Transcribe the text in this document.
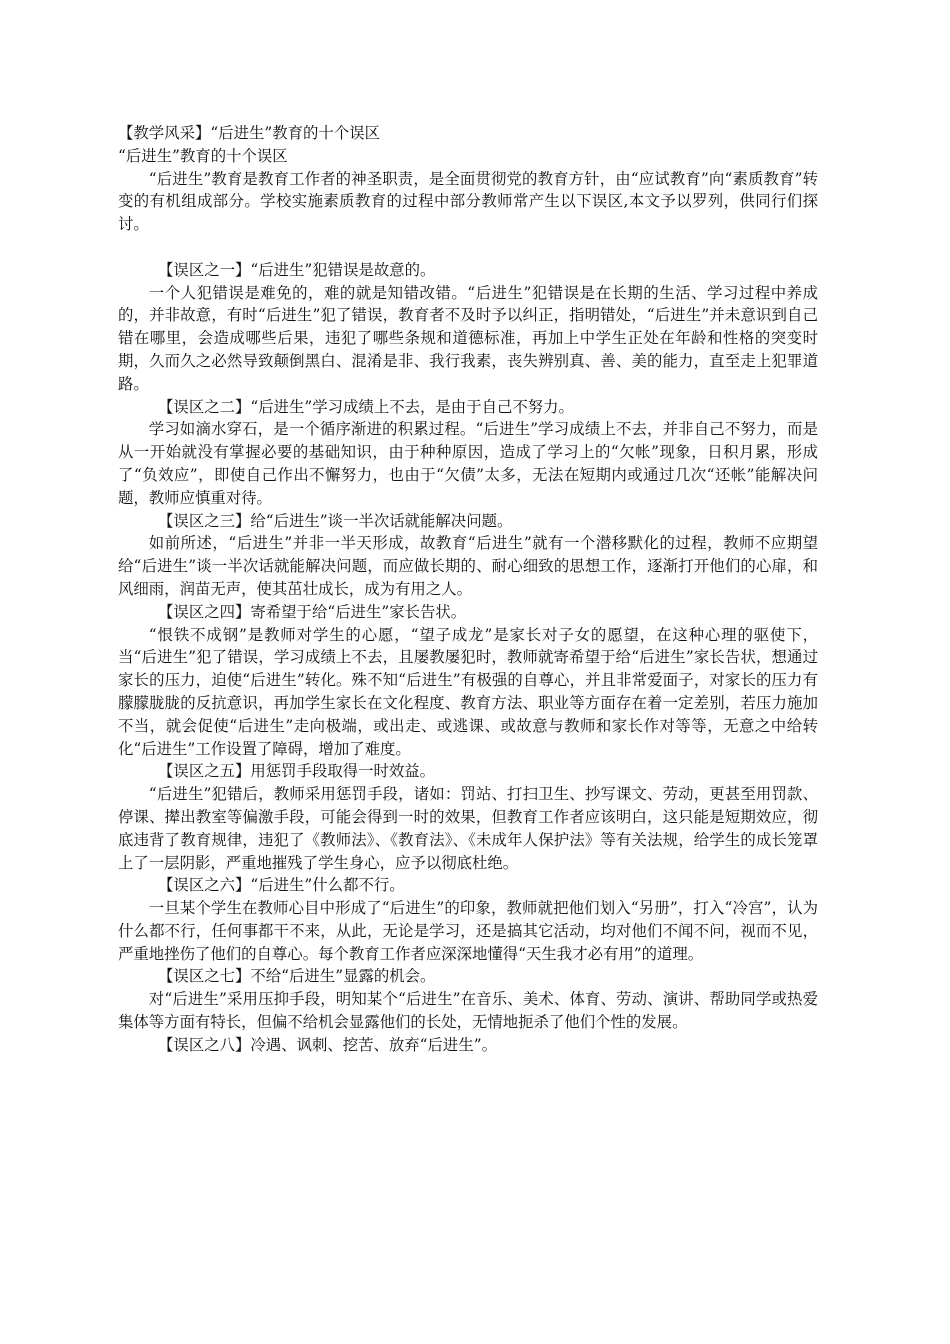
【教学风采】“后进生”教育的十个误区
“后进生”教育的十个误区

“后进生”教育是教育工作者的神圣职责，是全面贯彻党的教育方针，由“应试教育”向“素质教育”转变的有机组成部分。学校实施素质教育的过程中部分教师常产生以下误区,本文予以罗列，供同行们探讨。

【误区之一】“后进生”犯错误是故意的。

一个人犯错误是难免的，难的就是知错改错。“后进生”犯错误是在长期的生活、学习过程中养成的，并非故意，有时“后进生”犯了错误，教育者不及时予以纠正，指明错处，“后进生”并未意识到自己错在哪里，会造成哪些后果，违犯了哪些条规和道德标准，再加上中学生正处在年龄和性格的突变时期，久而久之必然导致颠倒黑白、混淆是非、我行我素，丧失辨别真、善、美的能力，直至走上犯罪道路。

【误区之二】“后进生”学习成绩上不去，是由于自己不努力。

学习如滴水穿石，是一个循序渐进的积累过程。“后进生”学习成绩上不去，并非自己不努力，而是从一开始就没有掌握必要的基础知识，由于种种原因，造成了学习上的“欠帐”现象，日积月累，形成了“负效应”，即使自己作出不懈努力，也由于“欠债”太多，无法在短期内或通过几次“还帐”能解决问题，教师应慎重对待。

【误区之三】给“后进生”谈一半次话就能解决问题。

如前所述，“后进生”并非一半天形成，故教育“后进生”就有一个潜移默化的过程，教师不应期望给“后进生”谈一半次话就能解决问题，而应做长期的、耐心细致的思想工作，逐渐打开他们的心扉，和风细雨，润苗无声，使其茁壮成长，成为有用之人。

【误区之四】寄希望于给“后进生”家长告状。

“恨铁不成钢”是教师对学生的心愿，“望子成龙”是家长对子女的愿望，在这种心理的驱使下，当“后进生”犯了错误，学习成绩上不去，且屡教屡犯时，教师就寄希望于给“后进生”家长告状，想通过家长的压力，迫使“后进生”转化。殊不知“后进生”有极强的自尊心，并且非常爱面子，对家长的压力有朦朦胧胧的反抗意识，再加学生家长在文化程度、教育方法、职业等方面存在着一定差别，若压力施加不当，就会促使“后进生”走向极端，或出走、或逃课、或故意与教师和家长作对等等，无意之中给转化“后进生”工作设置了障碍，增加了难度。

【误区之五】用惩罚手段取得一时效益。

“后进生”犯错后，教师采用惩罚手段，诸如：罚站、打扫卫生、抄写课文、劳动，更甚至用罚款、停课、撵出教室等偏激手段，可能会得到一时的效果，但教育工作者应该明白，这只能是短期效应，彻底违背了教育规律，违犯了《教师法》、《教育法》、《未成年人保护法》等有关法规，给学生的成长笼罩上了一层阴影，严重地摧残了学生身心，应予以彻底杜绝。

【误区之六】“后进生”什么都不行。

一旦某个学生在教师心目中形成了“后进生”的印象，教师就把他们划入“另册”，打入“冷宫”，认为什么都不行，任何事都干不来，从此，无论是学习，还是搞其它活动，均对他们不闻不问，视而不见，严重地挫伤了他们的自尊心。每个教育工作者应深深地懂得“天生我才必有用”的道理。

【误区之七】不给“后进生”显露的机会。

对“后进生”采用压抑手段，明知某个“后进生”在音乐、美术、体育、劳动、演讲、帮助同学或热爱集体等方面有特长，但偏不给机会显露他们的长处，无情地扼杀了他们个性的发展。

【误区之八】冷遇、讽刺、挖苦、放弃“后进生”。
